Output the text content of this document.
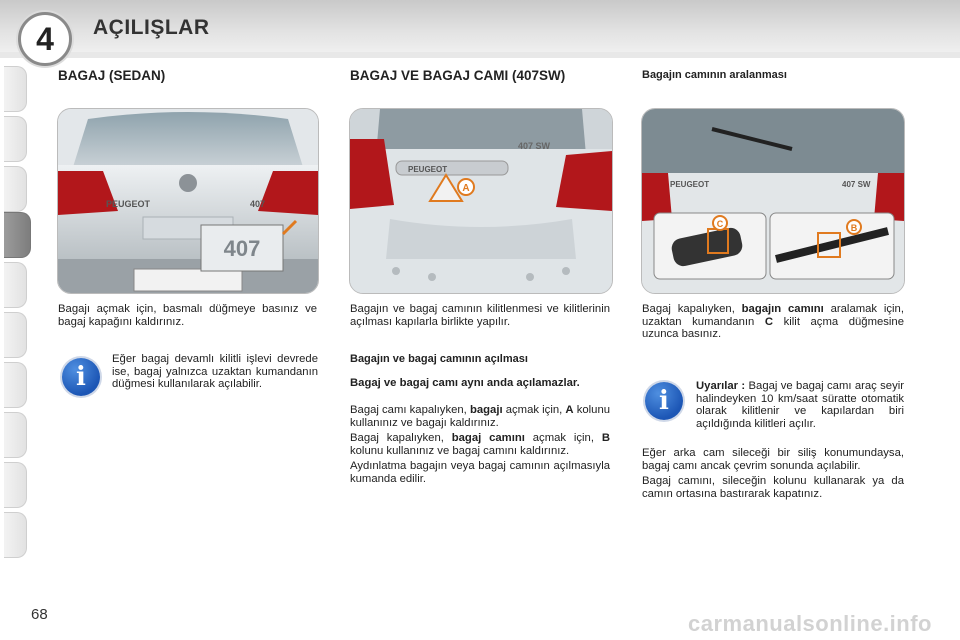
4	AÇILIŞLAR
BAGAJ (SEDAN)
PEUGEOT	407
407
Bagajı açmak için, basmalı düğmeye basınız ve bagaj kapağını kaldırınız.
i
Eğer bagaj devamlı kilitli işlevi devrede ise, bagaj yalnızca uzaktan kumandanın düğmesi kullanılarak açılabilir.
BAGAJ VE BAGAJ CAMI (407SW)
PEUGEOT
407 SW
A
Bagajın ve bagaj camının kilitlenmesi ve kilitlerinin açılması kapılarla birlikte yapılır.
Bagajın ve bagaj camının açılması
Bagaj ve bagaj camı aynı anda açılamazlar.

Bagaj camı kapalıyken, bagajı açmak için, A kolunu kullanınız ve bagajı kaldırınız.

Bagaj kapalıyken, bagaj camını açmak için, B kolunu kullanınız ve bagaj camını kaldırınız.

Aydınlatma bagajın veya bagaj camının açılmasıyla kumanda edilir.

Bagajın camının aralanması
PEUGEOT	407 SW
C	B
Bagaj kapalıyken, bagajın camını aralamak için, uzaktan kumandanın C kilit açma düğmesine uzunca basınız.
i	Uyarılar : Bagaj ve bagaj camı araç seyir halindeyken 10 km/saat süratte otomatik olarak kilitlenir ve kapılardan biri açıldığında kilitleri açılır.

Eğer arka cam sileceği bir siliş konumundaysa, bagaj camı ancak çevrim sonunda açılabilir.

Bagaj camını, sileceğin kolunu kullanarak ya da camın ortasına bastırarak kapatınız.

68	carmanualsonline.info
